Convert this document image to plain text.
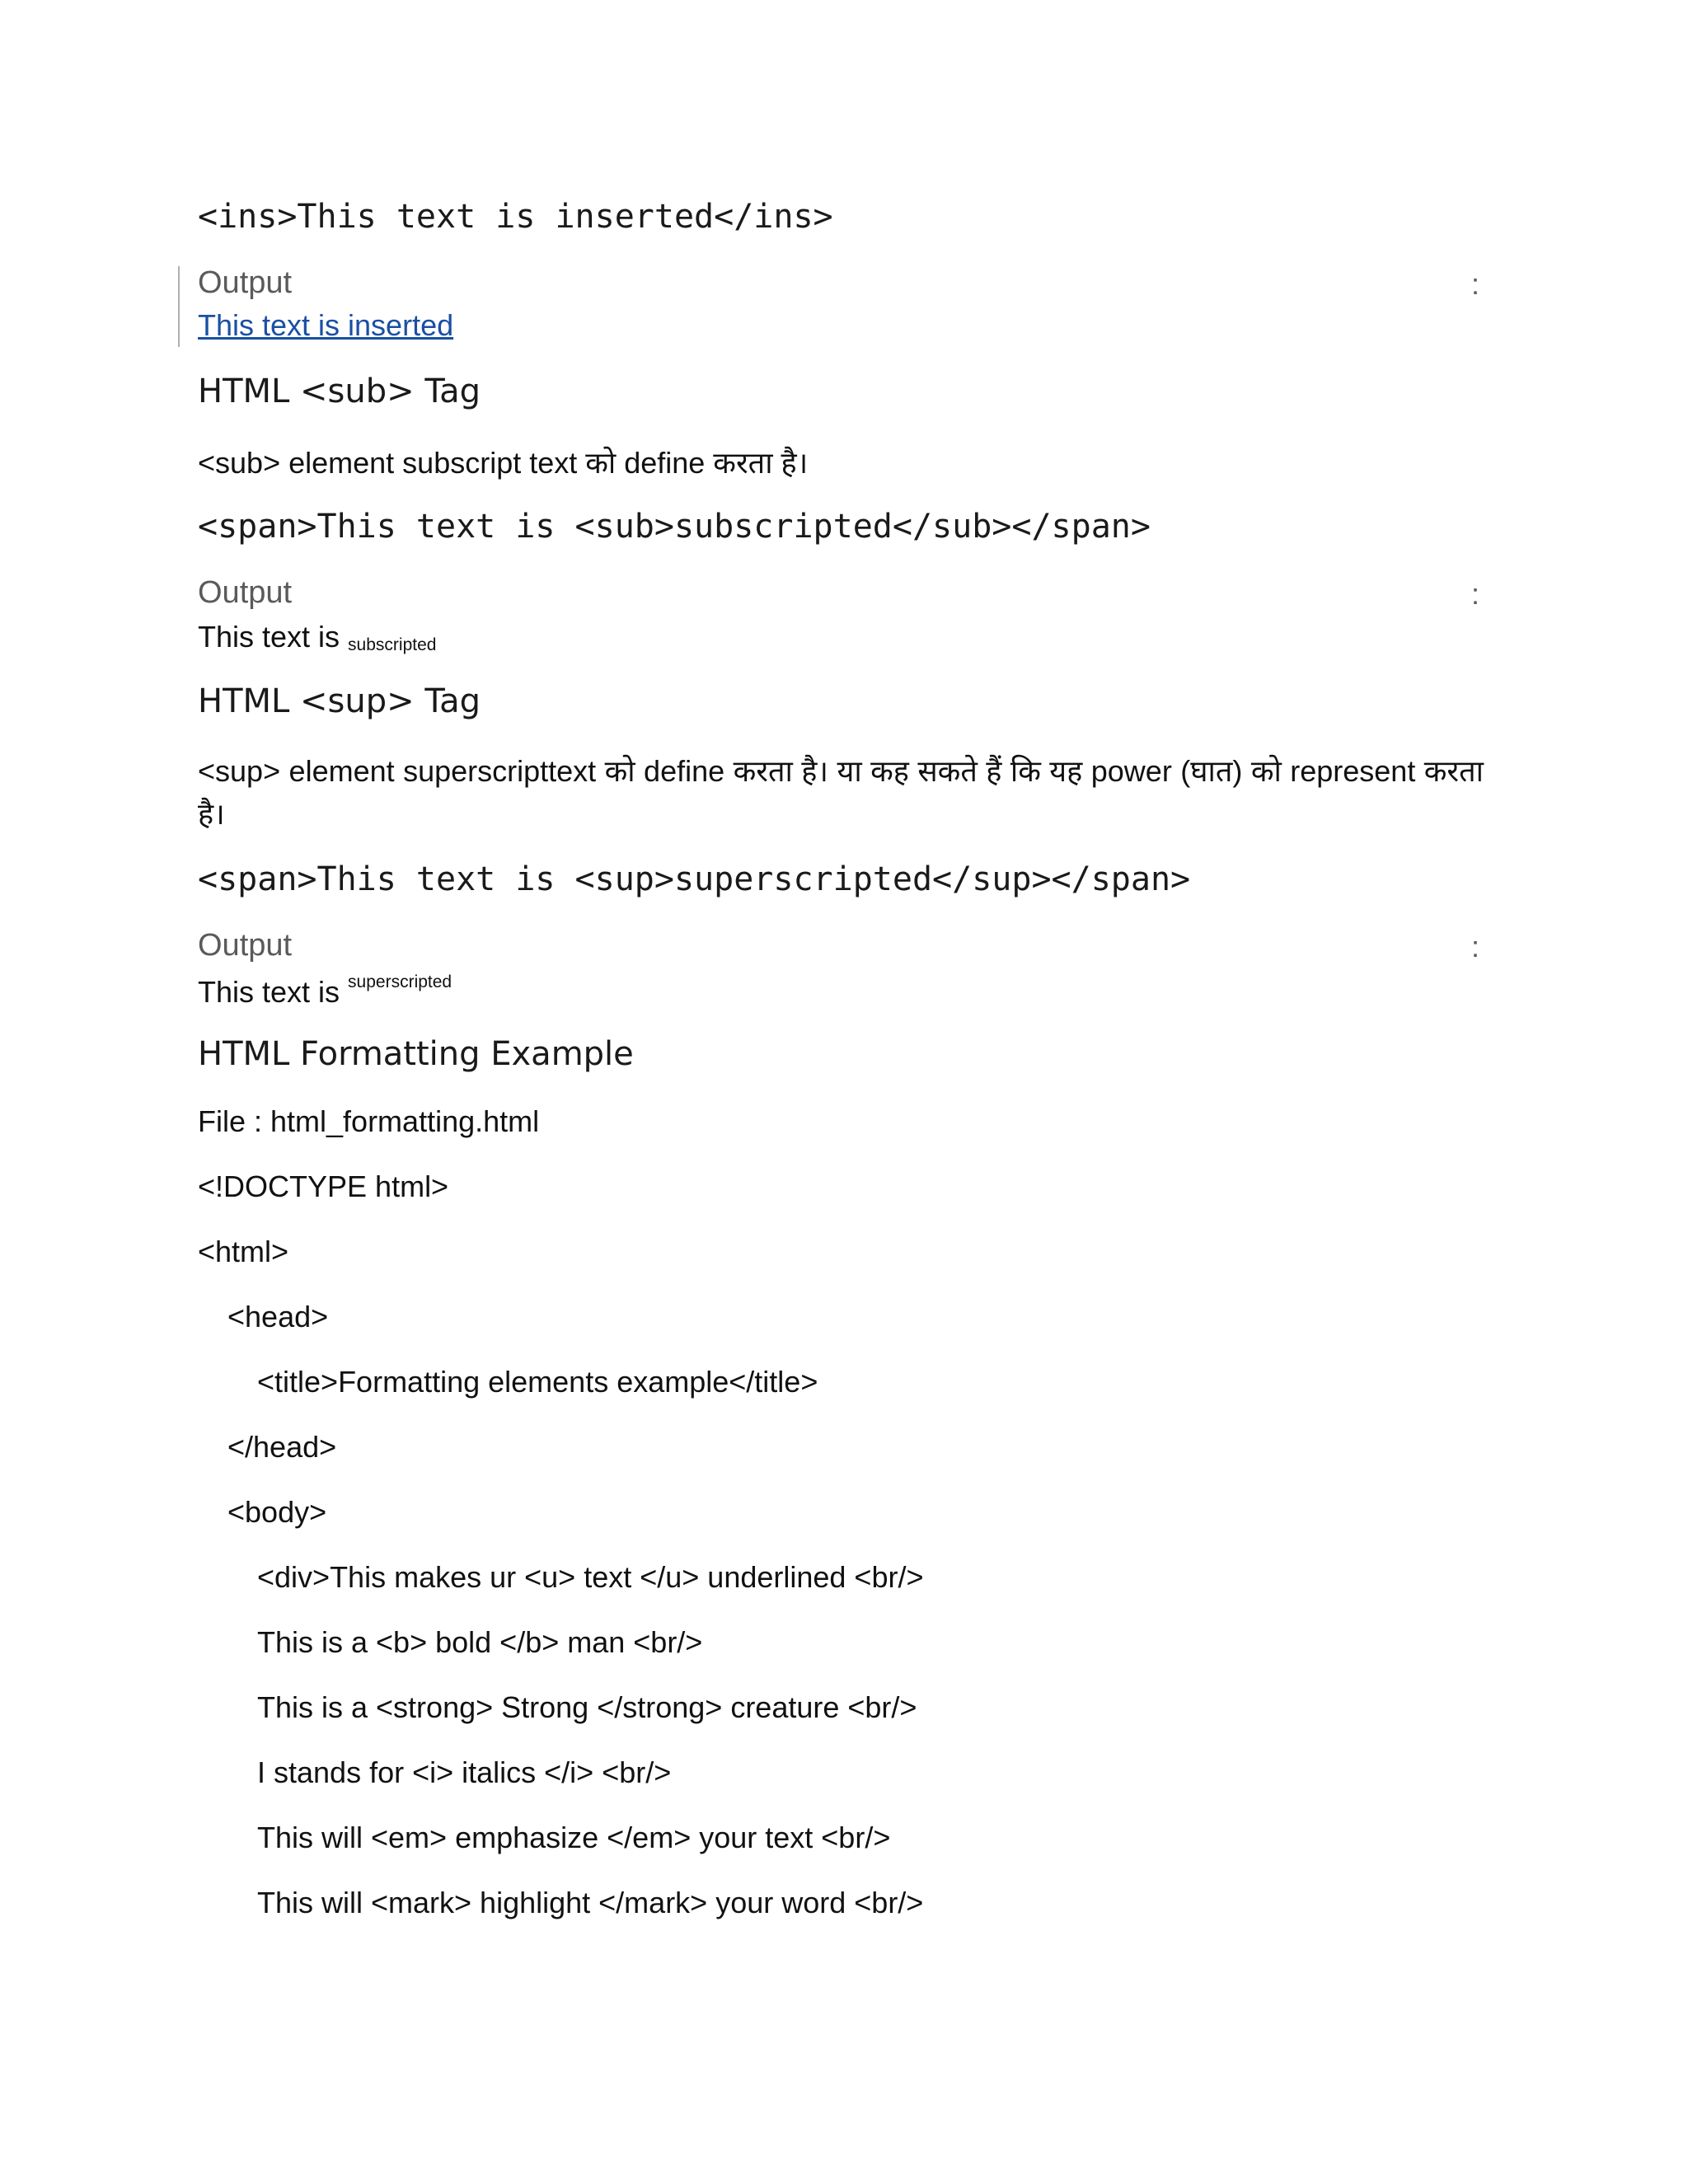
<ins>This text is inserted</ins>
Output	:
This text is inserted
HTML <sub> Tag
<sub> element subscript text को define करता है।
<span>This text is <sub>subscripted</sub></span>
Output	:
This text is subscripted
HTML <sup> Tag
<sup> element superscripttext को define करता है। या कह सकते हैं कि यह power (घात) को represent करता है।
<span>This text is <sup>superscripted</sup></span>
Output	:
This text is $^{superscripted}$
HTML Formatting Example
File : html_formatting.html
<!DOCTYPE html>
<html>
<head>
<title>Formatting elements example</title>
</head>
<body>
<div>This makes ur <u> text </u> underlined <br/>
This is a <b> bold </b> man <br/>
This is a <strong> Strong </strong> creature <br/>
I stands for <i> italics </i> <br/>
This will <em> emphasize </em> your text <br/>
This will <mark> highlight </mark> your word <br/>
